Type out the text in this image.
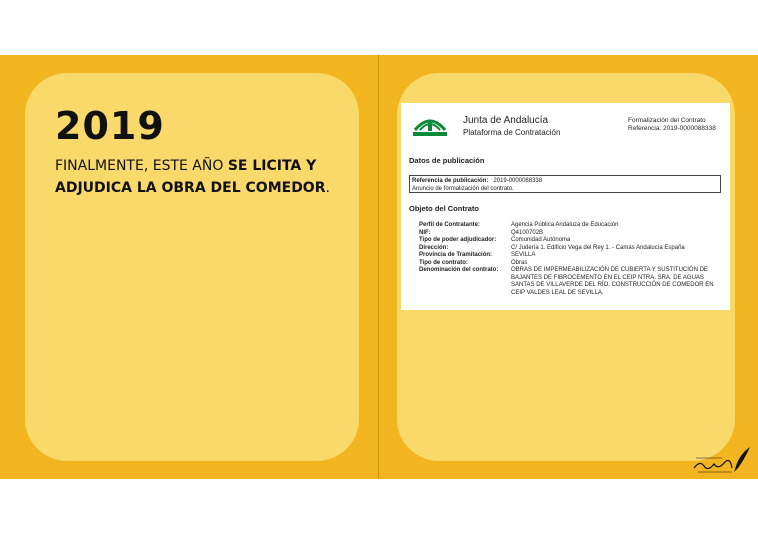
2019
FINALMENTE, ESTE AÑO SE LICITA Y ADJUDICA LA OBRA DEL COMEDOR.
Junta de Andalucía
Plataforma de Contratación
Formalización del Contrato
Referencia: 2019-0000088338
Datos de publicación
Referencia de publicación: 2019-0000088338
Anuncio de formalización del contrato.
Objeto del Contrato
Perfil de Contratante:	Agencia Pública Andaluza de Educación
NIF:	Q4100702B
Tipo de poder adjudicador:	Comunidad Autónoma
Dirección:	C/ Judería 1. Edificio Vega del Rey 1. - Camas Andalucía España
Provincia de Tramitación:	SEVILLA
Tipo de contrato:	Obras
Denominación del contrato:	OBRAS DE IMPERMEABILIZACIÓN DE CUBIERTA Y SUSTITUCIÓN DE BAJANTES DE FIBROCEMENTO EN EL CEIP NTRA. SRA. DE AGUAS SANTAS DE VILLAVERDE DEL RÍO, CONSTRUCCIÓN DE COMEDOR EN CEIP VALDES LEAL DE SEVILLA.
